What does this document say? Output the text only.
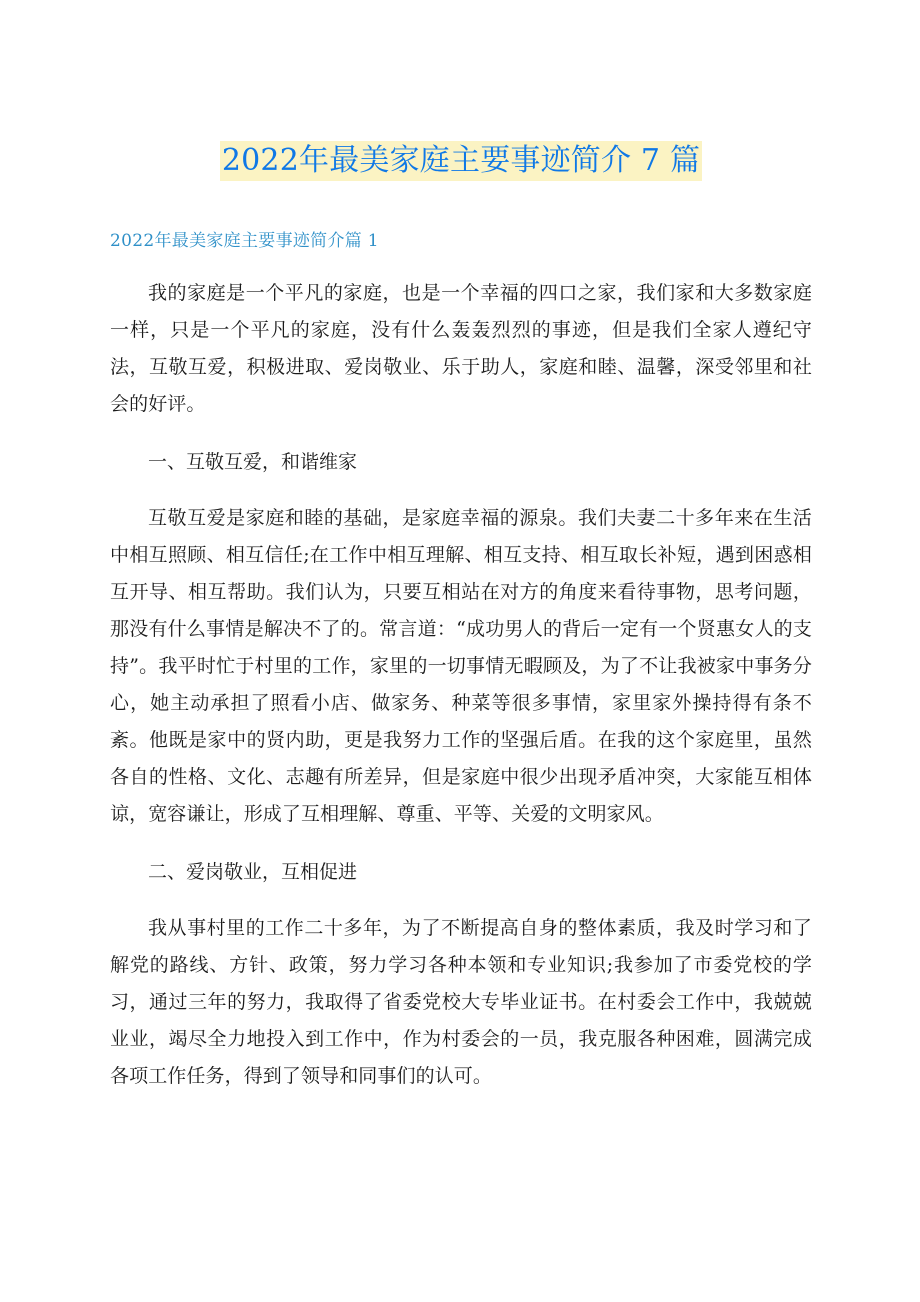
2022年最美家庭主要事迹简介 7 篇
2022年最美家庭主要事迹简介篇 1

我的家庭是一个平凡的家庭，也是一个幸福的四口之家，我们家和大多数家庭一样，只是一个平凡的家庭，没有什么轰轰烈烈的事迹，但是我们全家人遵纪守法，互敬互爱，积极进取、爱岗敬业、乐于助人，家庭和睦、温馨，深受邻里和社会的好评。

一、互敬互爱，和谐维家

互敬互爱是家庭和睦的基础，是家庭幸福的源泉。我们夫妻二十多年来在生活中相互照顾、相互信任;在工作中相互理解、相互支持、相互取长补短，遇到困惑相互开导、相互帮助。我们认为，只要互相站在对方的角度来看待事物，思考问题，那没有什么事情是解决不了的。常言道：“成功男人的背后一定有一个贤惠女人的支持”。我平时忙于村里的工作，家里的一切事情无暇顾及，为了不让我被家中事务分心，她主动承担了照看小店、做家务、种菜等很多事情，家里家外操持得有条不紊。他既是家中的贤内助，更是我努力工作的坚强后盾。在我的这个家庭里，虽然各自的性格、文化、志趣有所差异，但是家庭中很少出现矛盾冲突，大家能互相体谅，宽容谦让，形成了互相理解、尊重、平等、关爱的文明家风。

二、爱岗敬业，互相促进

我从事村里的工作二十多年，为了不断提高自身的整体素质，我及时学习和了解党的路线、方针、政策，努力学习各种本领和专业知识;我参加了市委党校的学习，通过三年的努力，我取得了省委党校大专毕业证书。在村委会工作中，我兢兢业业，竭尽全力地投入到工作中，作为村委会的一员，我克服各种困难，圆满完成各项工作任务，得到了领导和同事们的认可。
